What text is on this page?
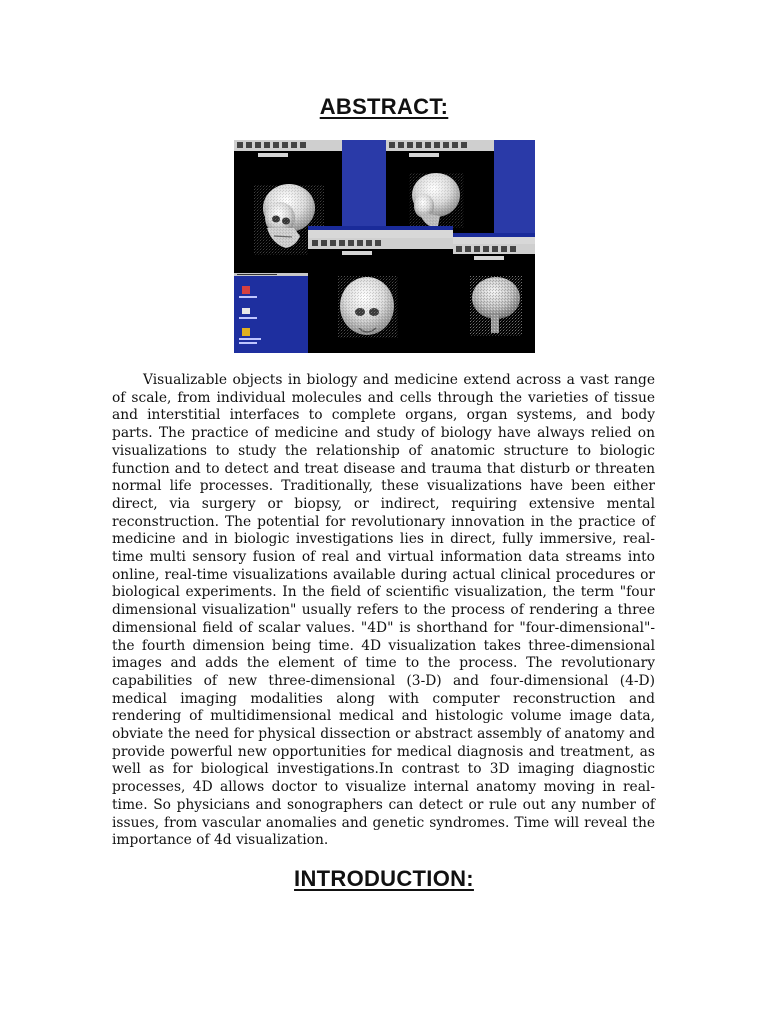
ABSTRACT:

Visualizable objects in biology and medicine extend across a vast range of scale, from individual molecules and cells through the varieties of tissue and interstitial interfaces to complete organs, organ systems, and body parts. The practice of medicine and study of biology have always relied on visualizations to study the relationship of anatomic structure to biologic function and to detect and treat disease and trauma that disturb or threaten normal life processes. Traditionally, these visualizations have been either direct, via surgery or biopsy, or indirect, requiring extensive mental reconstruction. The potential for revolutionary innovation in the practice of medicine and in biologic investigations lies in direct, fully immersive, real-time multi sensory fusion of real and virtual information data streams into online, real-time visualizations available during actual clinical procedures or biological experiments. In the field of scientific visualization, the term "four dimensional visualization" usually refers to the process of rendering a three dimensional field of scalar values. "4D" is shorthand for "four-dimensional"- the fourth dimension being time. 4D visualization takes three-dimensional images and adds the element of time to the process. The revolutionary capabilities of new three-dimensional (3-D) and four-dimensional (4-D) medical imaging modalities along with computer reconstruction and rendering of multidimensional medical and histologic volume image data, obviate the need for physical dissection or abstract assembly of anatomy and provide powerful new opportunities for medical diagnosis and treatment, as well as for biological investigations.In contrast to 3D imaging diagnostic processes, 4D allows doctor to visualize internal anatomy moving in real-time. So physicians and sonographers can detect or rule out any number of issues, from vascular anomalies and genetic syndromes. Time will reveal the importance of 4d visualization.

INTRODUCTION:
